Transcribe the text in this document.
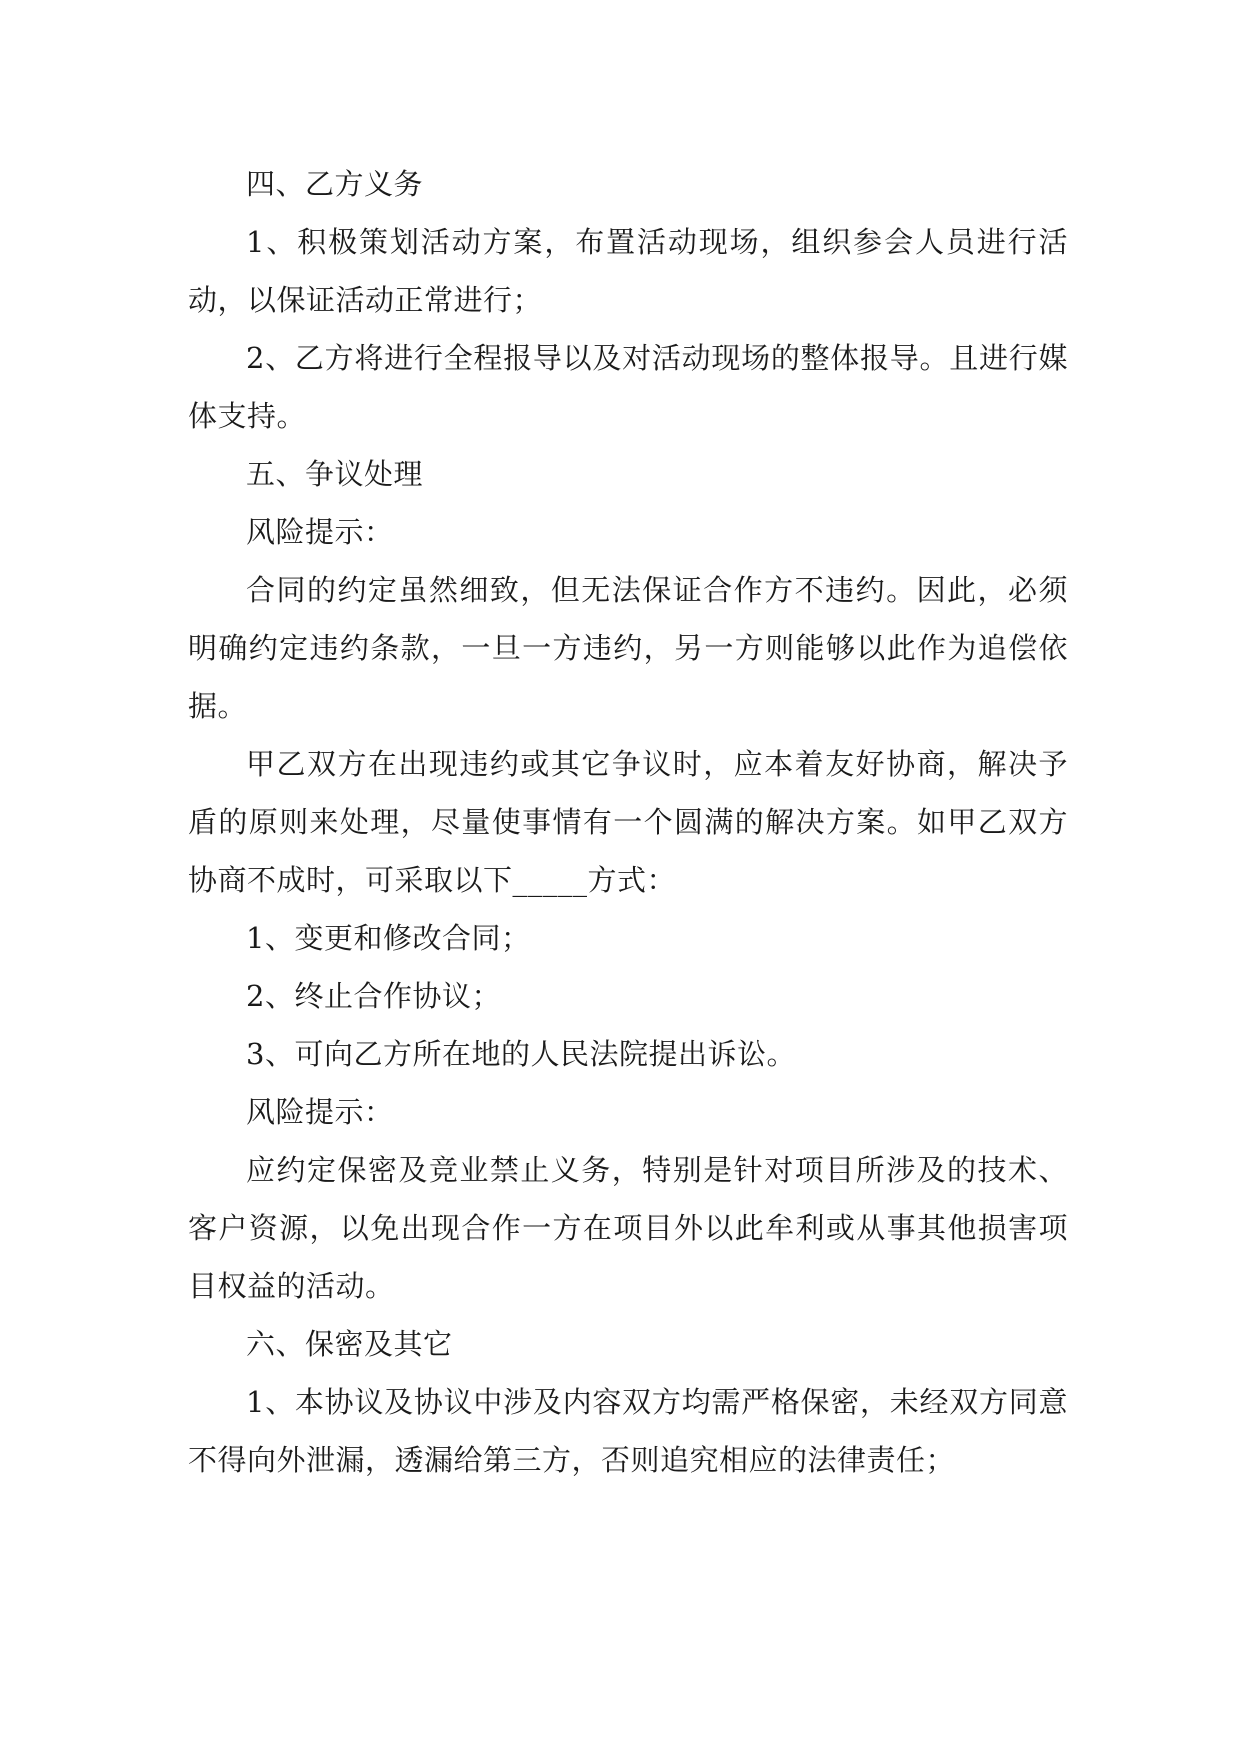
四、乙方义务

1、积极策划活动方案，布置活动现场，组织参会人员进行活动，以保证活动正常进行；

2、乙方将进行全程报导以及对活动现场的整体报导。且进行媒体支持。

五、争议处理

风险提示：

合同的约定虽然细致，但无法保证合作方不违约。因此，必须明确约定违约条款，一旦一方违约，另一方则能够以此作为追偿依据。

甲乙双方在出现违约或其它争议时，应本着友好协商，解决予盾的原则来处理，尽量使事情有一个圆满的解决方案。如甲乙双方协商不成时，可采取以下_____方式：

1、变更和修改合同；

2、终止合作协议；

3、可向乙方所在地的人民法院提出诉讼。

风险提示：

应约定保密及竞业禁止义务，特别是针对项目所涉及的技术、客户资源，以免出现合作一方在项目外以此牟利或从事其他损害项目权益的活动。

六、保密及其它

1、本协议及协议中涉及内容双方均需严格保密，未经双方同意不得向外泄漏，透漏给第三方，否则追究相应的法律责任；
